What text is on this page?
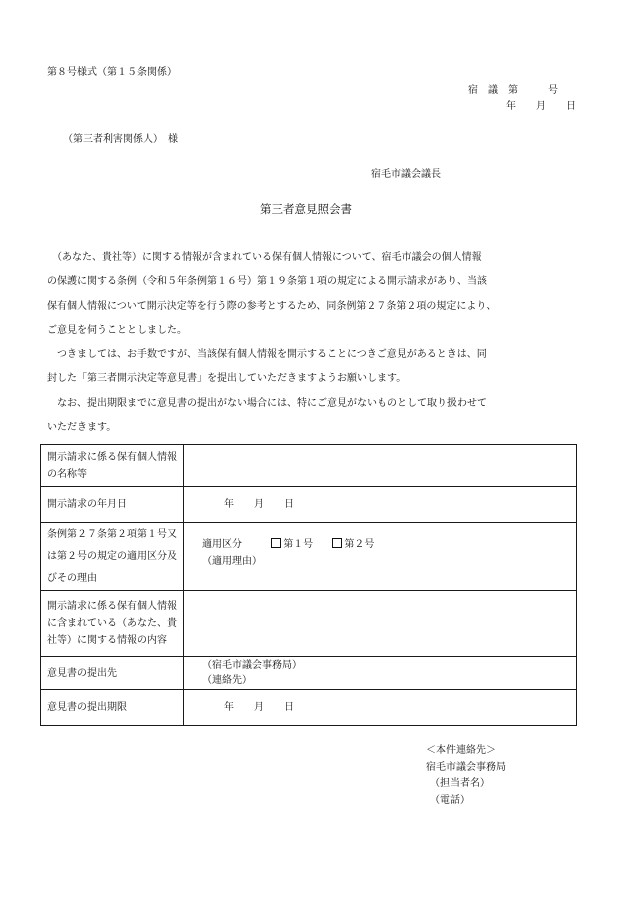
第８号様式（第１５条関係）
宿　議　第　　　号
年　　月　　日
（第三者利害関係人）　様
宿毛市議会議長
第三者意見照会書
　（あなた、貴社等）に関する情報が含まれている保有個人情報について、宿毛市議会の個人情報
の保護に関する条例（令和５年条例第１６号）第１９条第１項の規定による開示請求があり、当該
保有個人情報について開示決定等を行う際の参考とするため、同条例第２７条第２項の規定により、
ご意見を伺うこととしました。
　つきましては、お手数ですが、当該保有個人情報を開示することにつきご意見があるときは、同
封した「第三者開示決定等意見書」を提出していただきますようお願いします。
　なお、提出期限までに意見書の提出がない場合には、特にご意見がないものとして取り扱わせて
いただきます。
開示請求に係る保有個人情報の名称等	
開示請求の年月日	年　　月　　日
条例第２７条第２項第１号又は第２号の規定の適用区分及びその理由	適用区分 第１号 第２号
（適用理由）

開示請求に係る保有個人情報に含まれている（あなた、貴社等）に関する情報の内容	
意見書の提出先	（宿毛市議会事務局）
（連絡先）

意見書の提出期限	年　　月　　日
＜本件連絡先＞
宿毛市議会事務局
（担当者名）
（電話）
